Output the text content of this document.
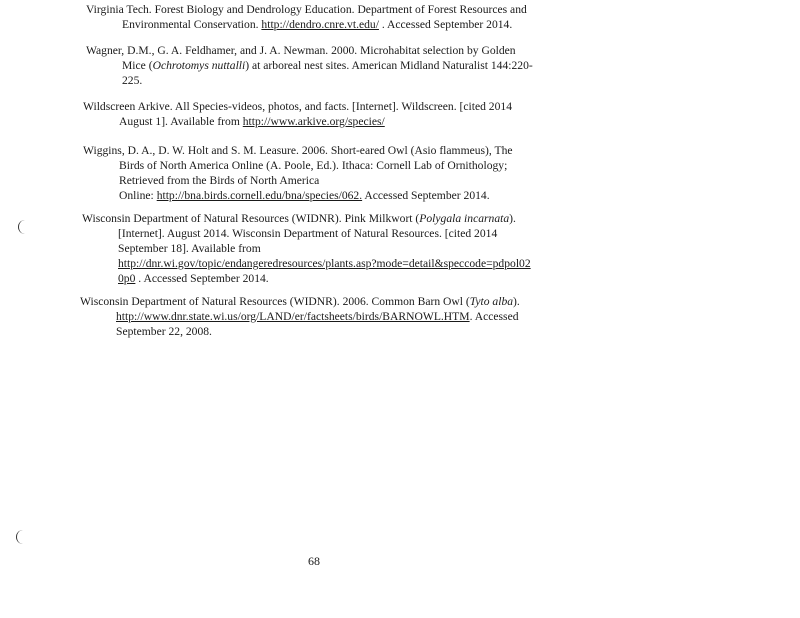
Virginia Tech. Forest Biology and Dendrology Education. Department of Forest Resources and
Environmental Conservation. http://dendro.cnre.vt.edu/ . Accessed September 2014.
Wagner, D.M., G. A. Feldhamer, and J. A. Newman. 2000. Microhabitat selection by Golden
Mice (Ochrotomys nuttalli) at arboreal nest sites. American Midland Naturalist 144:220-
225.
Wildscreen Arkive. All Species-videos, photos, and facts. [Internet]. Wildscreen. [cited 2014
August 1]. Available from http://www.arkive.org/species/
Wiggins, D. A., D. W. Holt and S. M. Leasure. 2006. Short-eared Owl (Asio flammeus), The
Birds of North America Online (A. Poole, Ed.). Ithaca: Cornell Lab of Ornithology;
Retrieved from the Birds of North America
Online: http://bna.birds.cornell.edu/bna/species/062. Accessed September 2014.
Wisconsin Department of Natural Resources (WIDNR). Pink Milkwort (Polygala incarnata).
[Internet]. August 2014. Wisconsin Department of Natural Resources. [cited 2014
September 18]. Available from
http://dnr.wi.gov/topic/endangeredresources/plants.asp?mode=detail&speccode=pdpol02
0p0 . Accessed September 2014.
Wisconsin Department of Natural Resources (WIDNR). 2006. Common Barn Owl (Tyto alba).
http://www.dnr.state.wi.us/org/LAND/er/factsheets/birds/BARNOWL.HTM. Accessed
September 22, 2008.
68
